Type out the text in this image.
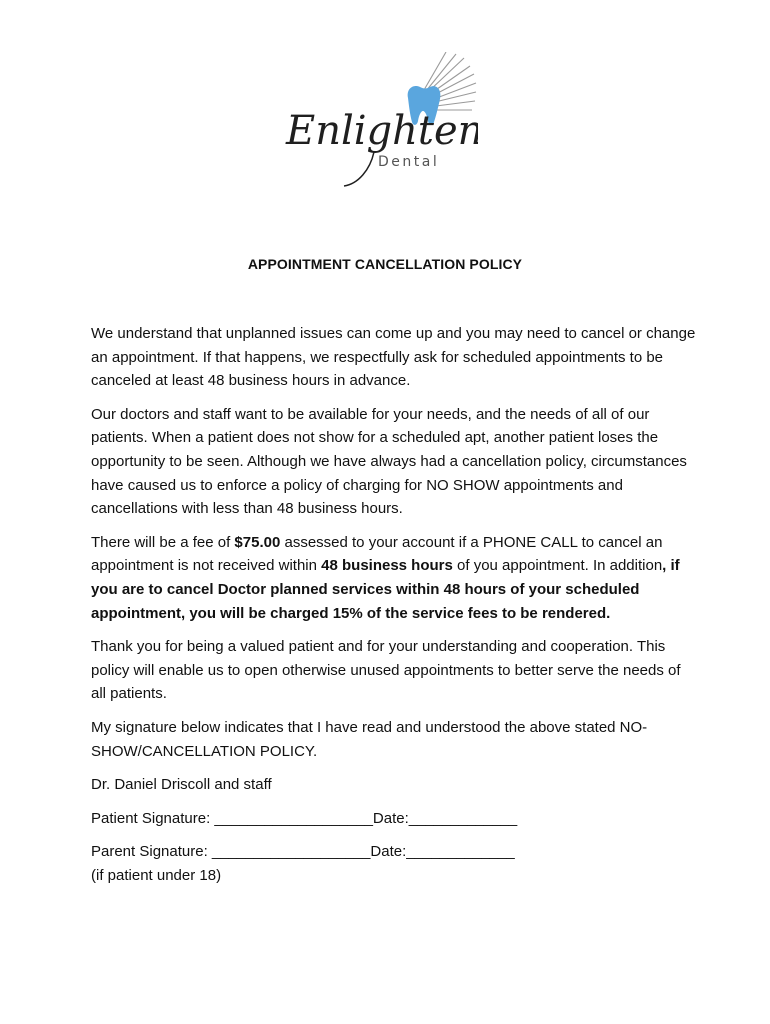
Enlighten
Dental
APPOINTMENT CANCELLATION POLICY

We understand that unplanned issues can come up and you may need to cancel or change an appointment. If that happens, we respectfully ask for scheduled appointments to be canceled at least 48 business hours in advance.

Our doctors and staff want to be available for your needs, and the needs of all of our patients. When a patient does not show for a scheduled apt, another patient loses the opportunity to be seen. Although we have always had a cancellation policy, circumstances have caused us to enforce a policy of charging for NO SHOW appointments and cancellations with less than 48 business hours.

There will be a fee of $75.00 assessed to your account if a PHONE CALL to cancel an appointment is not received within 48 business hours of you appointment. In addition, if you are to cancel Doctor planned services within 48 hours of your scheduled appointment, you will be charged 15% of the service fees to be rendered.

Thank you for being a valued patient and for your understanding and cooperation. This policy will enable us to open otherwise unused appointments to better serve the needs of all patients.

My signature below indicates that I have read and understood the above stated NO-SHOW/CANCELLATION POLICY.

Dr. Daniel Driscoll and staff

Patient Signature: ___________________Date:_____________
Parent Signature: ___________________Date:_____________
(if patient under 18)
